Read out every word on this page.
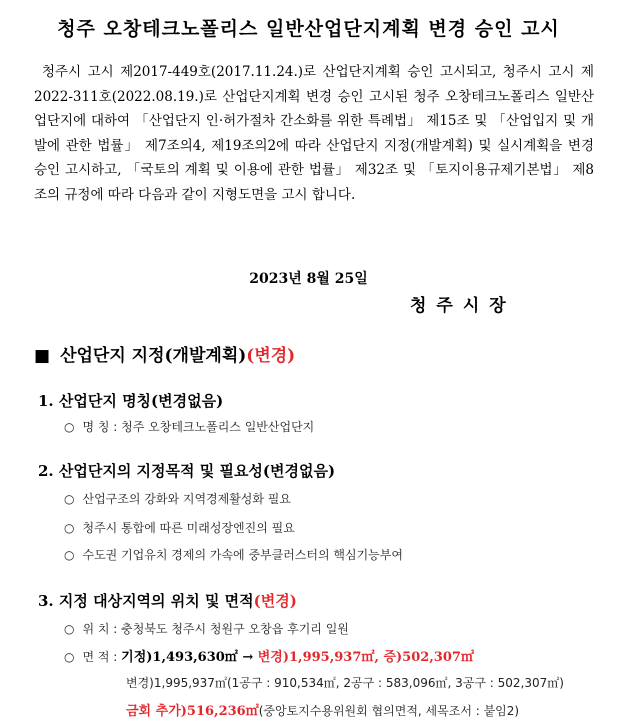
청주 오창테크노폴리스 일반산업단지계획 변경 승인 고시
청주시 고시 제2017-449호(2017.11.24.)로 산업단지계획 승인 고시되고, 청주시 고시 제2022-311호(2022.08.19.)로 산업단지계획 변경 승인 고시된 청주 오창테크노폴리스 일반산업단지에 대하여 「산업단지 인·허가절차 간소화를 위한 특례법」 제15조 및 「산업입지 및 개발에 관한 법률」 제7조의4, 제19조의2에 따라 산업단지 지정(개발계획) 및 실시계획을 변경 승인 고시하고, 「국토의 계획 및 이용에 관한 법률」 제32조 및 「토지이용규제기본법」 제8조의 규정에 따라 다음과 같이 지형도면을 고시 합니다.
2023년 8월 25일
청주시장
■ 산업단지 지정(개발계획)(변경)
1. 산업단지 명칭(변경없음)
○ 명 칭 : 청주 오창테크노폴리스 일반산업단지
2. 산업단지의 지정목적 및 필요성(변경없음)
○ 산업구조의 강화와 지역경제활성화 필요
○ 청주시 통합에 따른 미래성장엔진의 필요
○ 수도권 기업유치 경제의 가속에 중부클러스터의 핵심기능부여
3. 지정 대상지역의 위치 및 면적(변경)
○ 위 치 : 충청북도 청주시 청원구 오창읍 후기리 일원
○ 면 적 : 기정)1,493,630㎡ → 변경)1,995,937㎡, 증)502,307㎡
변경)1,995,937㎡(1공구 : 910,534㎡, 2공구 : 583,096㎡, 3공구 : 502,307㎡)
금회 추가)516,236㎡(중앙토지수용위원회 협의면적, 세목조서 : 붙임2)
